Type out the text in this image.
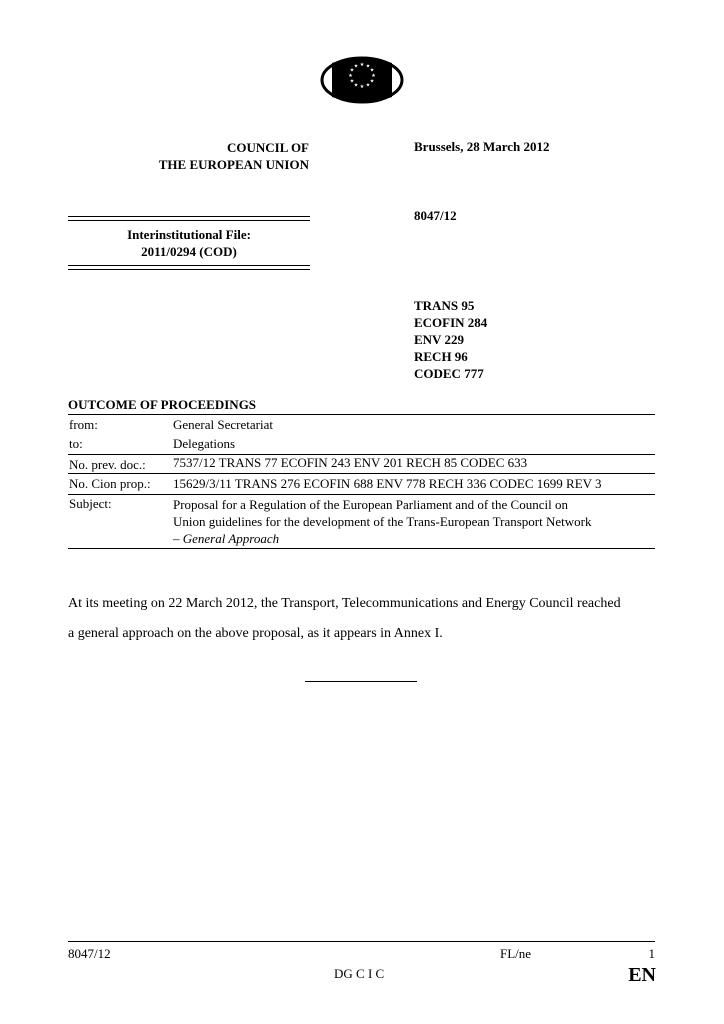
★ ★
★
★
★
★
★
★
★
★
★
★
COUNCIL OF
THE EUROPEAN UNION
Brussels, 28 March 2012
Interinstitutional File:
2011/0294 (COD)
8047/12
TRANS 95
ECOFIN 284
ENV 229
RECH 96
CODEC 777
OUTCOME OF PROCEEDINGS
from:	General Secretariat
to:	Delegations
No. prev. doc.: 7537/12 TRANS 77 ECOFIN 243 ENV 201 RECH 85 CODEC 633
No. Cion prop.: 15629/3/11 TRANS 276 ECOFIN 688 ENV 778 RECH 336 CODEC 1699 REV 3
Subject:	Proposal for a Regulation of the European Parliament and of the Council on
Union guidelines for the development of the Trans-European Transport Network
– General Approach
At its meeting on 22 March 2012, the Transport, Telecommunications and Energy Council reached
a general approach on the above proposal, as it appears in Annex I.
8047/12	FL/ne	1
DG C I C	EN
